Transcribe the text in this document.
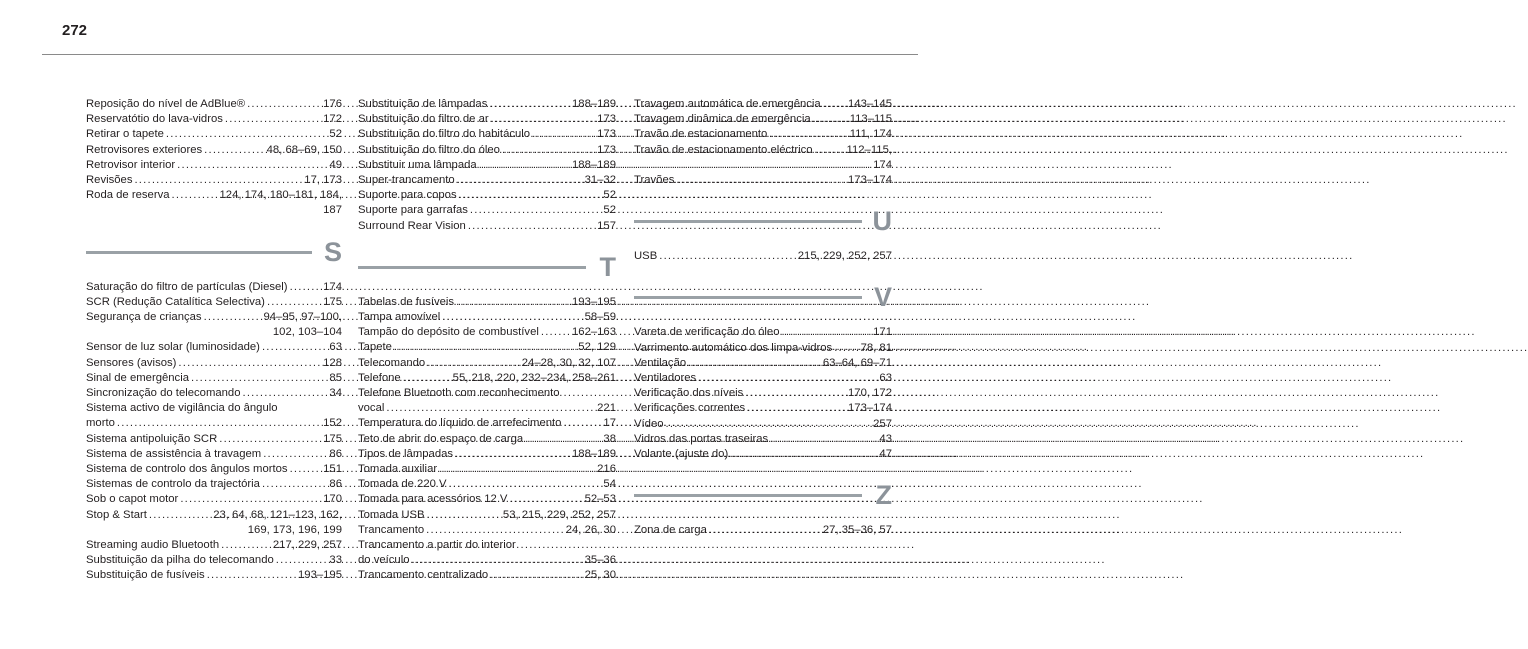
272
Reposição do nível de AdBlue® .....	176
Reservatótio do lava-vidros .....	172
Retirar o tapete .....	52
Retrovisores exteriores .....	48, 68–69, 150
Retrovisor interior .....	49
Revisões .....	17, 173
Roda de reserva .....	124, 174, 180–181, 184,
187
S
Saturação do filtro de partículas (Diesel) .....	174
SCR (Redução Catalítica Selectiva) .....	175
Segurança de crianças .....	94–95, 97–100,
102, 103–104
Sensor de luz solar (luminosidade) .....	63
Sensores (avisos) .....	128
Sinal de emergência .....	85
Sincronização do telecomando .....	34
Sistema activo de vigilância do ângulo
morto .....	152
Sistema antipoluição SCR .....	175
Sistema de assistência à travagem .....	86
Sistema de controlo dos ângulos mortos .....	151
Sistemas de controlo da trajectória .....	86
Sob o capot motor .....	170
Stop & Start .....	23, 64, 68, 121–123, 162,
169, 173, 196, 199
Streaming audio Bluetooth .....	217, 229, 257
Substituição da pilha do telecomando .....	33
Substituição de fusíveis .....	193–195
Substituição de lâmpadas .....	188–189
Substituição do filtro de ar .....	173
Substituição do filtro do habitáculo .....	173
Substituição do filtro do óleo .....	173
Substituir uma lâmpada .....	188–189
Super-trancamento .....	31–32
Suporte para copos .....	52
Suporte para garrafas .....	52
Surround Rear Vision .....	157
T
Tabelas de fusíveis .....	193–195
Tampa amovível .....	58–59
Tampão do depósito de combustível .....	162–163
Tapete .....	52, 129
Telecomando .....	24–28, 30, 32, 107
Telefone .....	55, 218, 220, 232–234, 258–261
Telefone Bluetooth com reconhecimento
vocal .....	221
Temperatura do líquido de arrefecimento .....	17
Teto de abrir do espaço de carga .....	38
Tipos de lâmpadas .....	188–189
Tomada auxiliar .....	216
Tomada de 220 V .....	54
Tomada para acessórios 12 V .....	52–53
Tomada USB .....	53, 215, 229, 252, 257
Trancamento .....	24, 26, 30
Trancamento a partir do interior
do veículo .....	35–36
Trancamento centralizado .....	25, 30
Travagem automática de emergência ..... 143–145
Travagem dinâmica de emergência .....	113–115
Travão de estacionamento .....	111, 174
Travão de estacionamento eléctrico .....	112–115,
174
Travões .....	173–174
U
USB .....	215, 229, 252, 257
V
Vareta de verificação do óleo .....	171
Varrimento automático dos limpa-vidros .....	78, 81
Ventilação .....	63–64, 69–71
Ventiladores .....	63
Verificação dos níveis .....	170, 172
Verificações correntes .....	173–174
Vídeo .....	257
Vidros das portas traseiras .....	43
Volante (ajuste do) .....	47
Z
Zona de carga .....	27, 35–36, 57
